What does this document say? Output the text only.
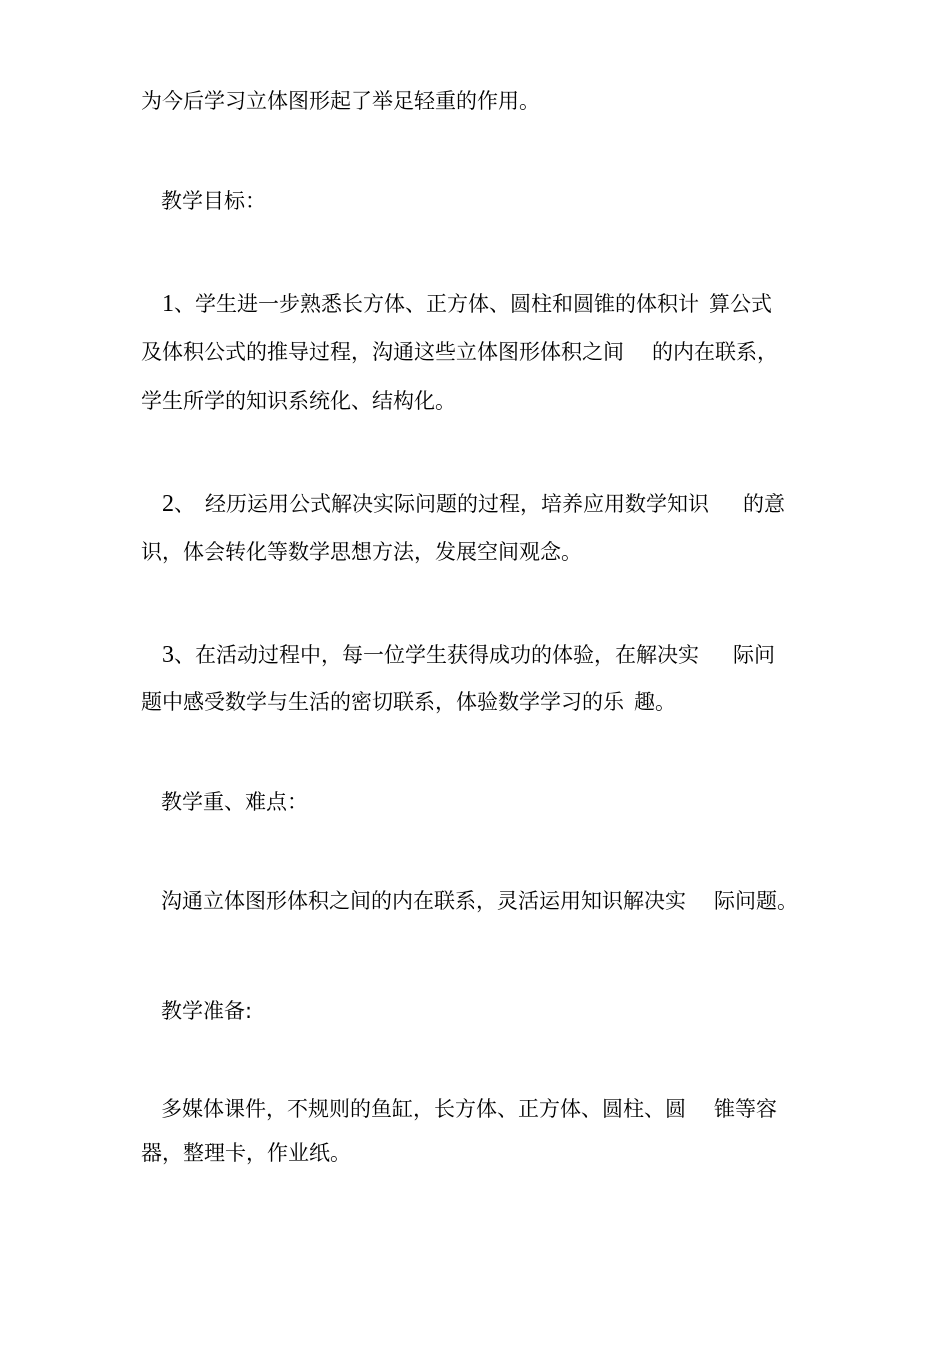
为今后学习立体图形起了举足轻重的作用。
教学目标：
1、学生进一步熟悉长方体、正方体、圆柱和圆锥的体积计 算公式
及体积公式的推导过程，沟通这些立体图形体积之间 的内在联系，
学生所学的知识系统化、结构化。
2、 经历运用公式解决实际问题的过程，培养应用数学知识 的意
识，体会转化等数学思想方法，发展空间观念。
3、在活动过程中，每一位学生获得成功的体验，在解决实 际问
题中感受数学与生活的密切联系，体验数学学习的乐 趣。
教学重、难点：
沟通立体图形体积之间的内在联系，灵活运用知识解决实 际问题。
教学准备:
多媒体课件，不规则的鱼缸，长方体、正方体、圆柱、圆 锥等容
器，整理卡，作业纸。
